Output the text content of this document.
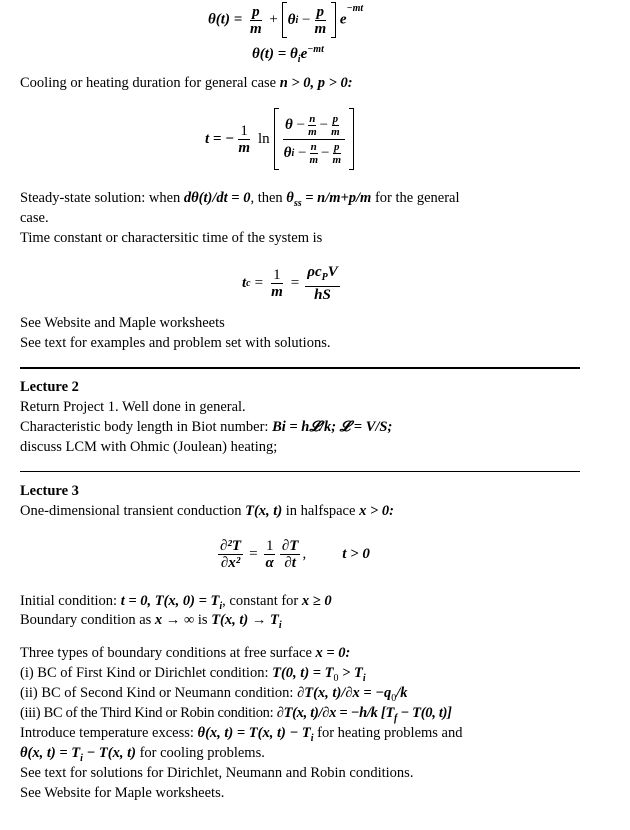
$\theta(t) = \frac{p}{m} + \theta$ i
− $\frac{p}{m} e^{-mt}$
$\theta(t) = \theta_ie^{-mt}$
Cooling or heating duration for general case n > 0, p > 0:
t = − $\frac{1}{m}$ ln
θ
− $\frac{n}{m} - \frac{p}{m}$
θ i
− $\frac{n}{m} - \frac{p}{m}$
Steady-state solution: when dθ(t)/dt = 0, then $\theta_{ss} = n/m+p/m$ for the general
case.
Time constant or charactersitic time of the system is
t $c = \frac{1}{m} = \frac{\rho c_PV}{hS}$
See Website and Maple worksheets
See text for examples and problem set with solutions.
Lecture 2
Return Project 1. Well done in general.
Characteristic body length in Biot number: Bi = h𝓛/k; 𝓛 = V/S;
discuss LCM with Ohmic (Joulean) heating;
Lecture 3
One-dimensional transient conduction T(x, t) in halfspace x > 0:
$\frac{\text{∂²T}}{\text{∂x²}} = \frac{1}{\alpha} \frac{\partial T}{\partial t}$ , t > 0
Initial condition: t = 0, T(x, $0) = T_i$, constant for x ≥ 0
Boundary condition as x → ∞ is T(x, $t) \to T_i$
Three types of boundary conditions at free surface x = 0:
(i) BC of First Kind or Dirichlet condition: T(0, $t) = T_0 > T_i$
(ii) BC of Second Kind or Neumann condition: ∂T(x, $t)/\partial x = -q_0/k$
(iii) BC of the Third Kind or Robin condition: ∂T(x, t)/∂x = −h/k [$T_f - T(0$, t)]
Introduce temperature excess: θ(x, t) = T(x, $t) - T_i$ for heating problems and
θ(x, $t) = T_i - T(x$, t) for cooling problems.
See text for solutions for Dirichlet, Neumann and Robin conditions.
See Website for Maple worksheets.
